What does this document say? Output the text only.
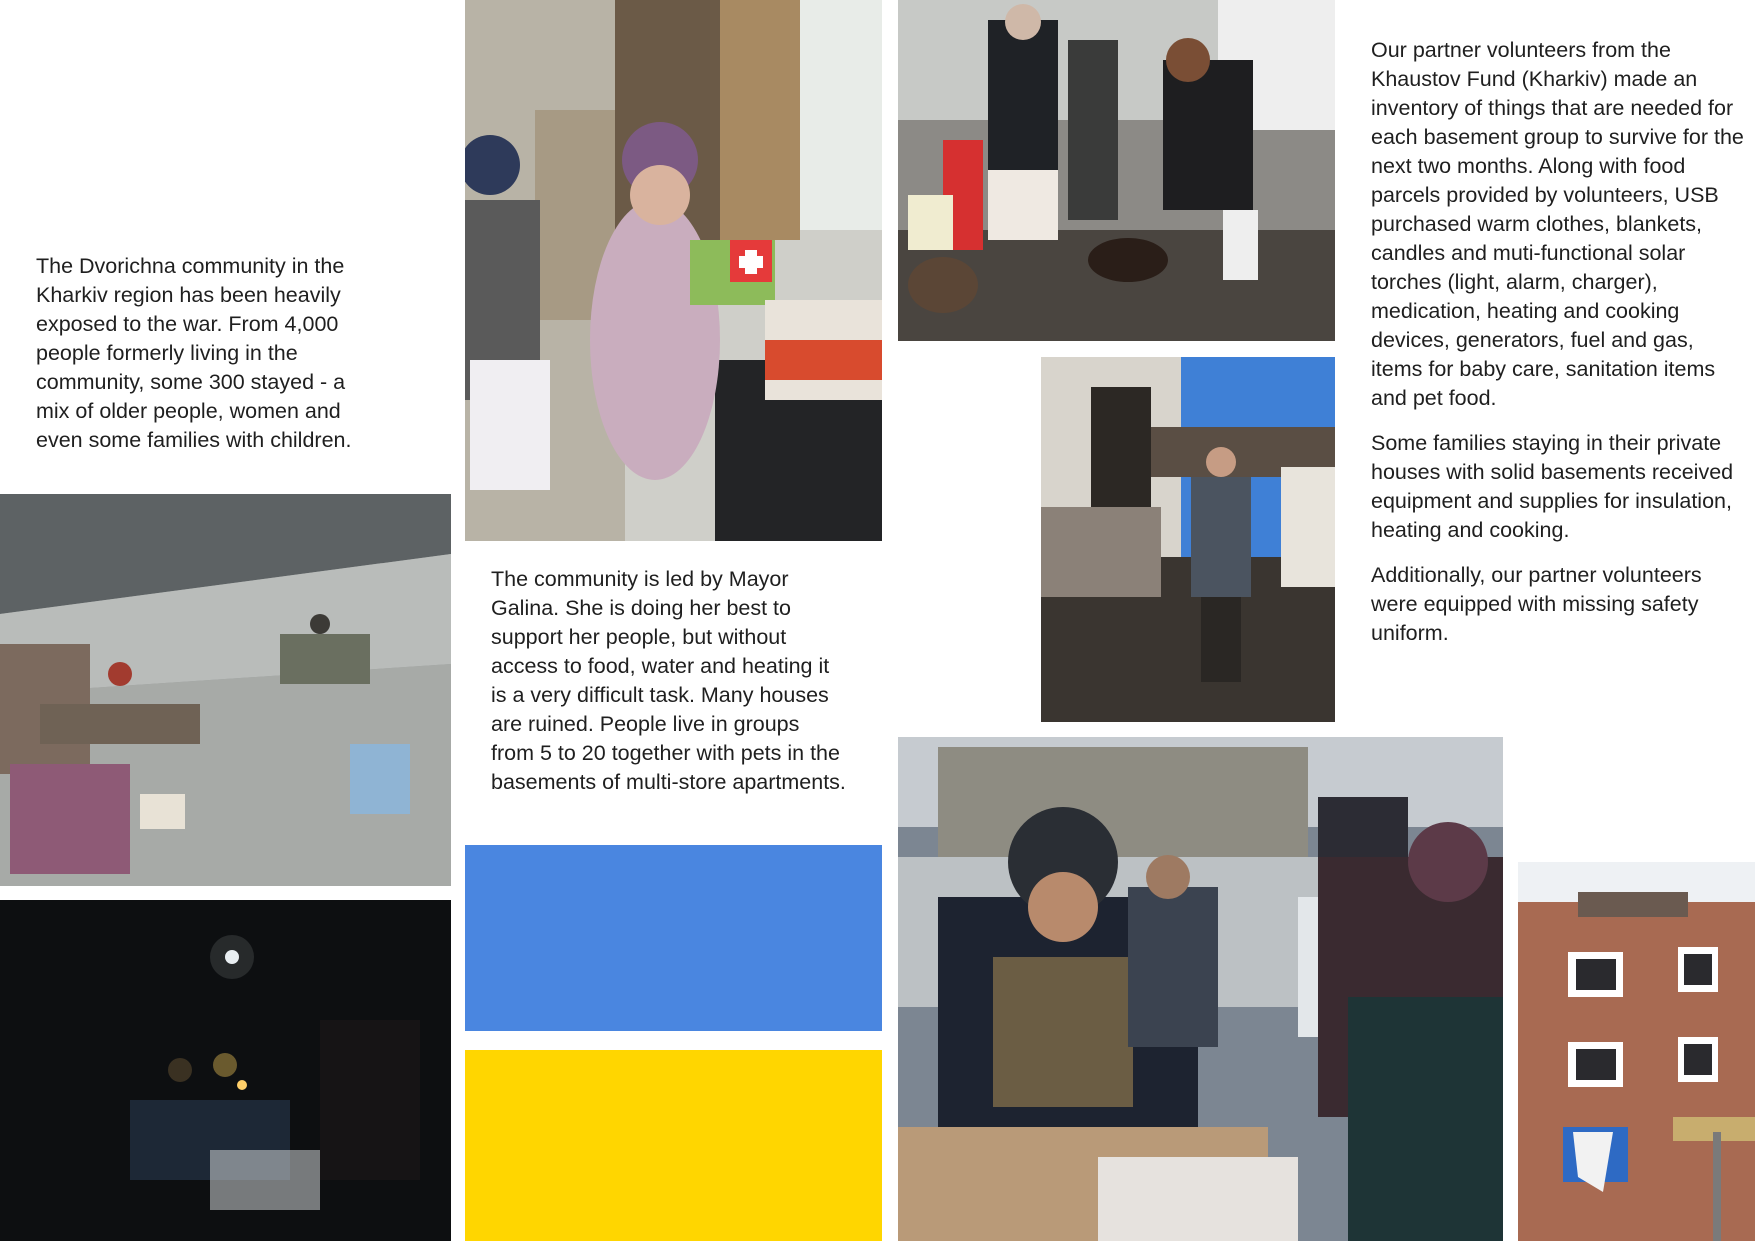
The Dvorichna community in the Kharkiv region has been heavily exposed to the war. From 4,000 people formerly living in the community, some 300 stayed - a mix of older people, women and even some families with children.

The community is led by Mayor Galina. She is doing her best to support her people, but without access to food, water and heating it is a very difficult task. Many houses are ruined. People live in groups from 5 to 20 together with pets in the basements of multi-store apartments.

Our partner volunteers from the Khaustov Fund (Kharkiv) made an inventory of things that are needed for each basement group to survive for the next two months. Along with food parcels provided by volunteers, USB purchased warm clothes, blankets, candles and muti-functional solar torches (light, alarm, charger), medication, heating and cooking devices, generators, fuel and gas, items for baby care, sanitation items and pet food.

Some families staying in their private houses with solid basements received equipment and supplies for insulation, heating and cooking.

Additionally, our partner volunteers were equipped with missing safety uniform.
